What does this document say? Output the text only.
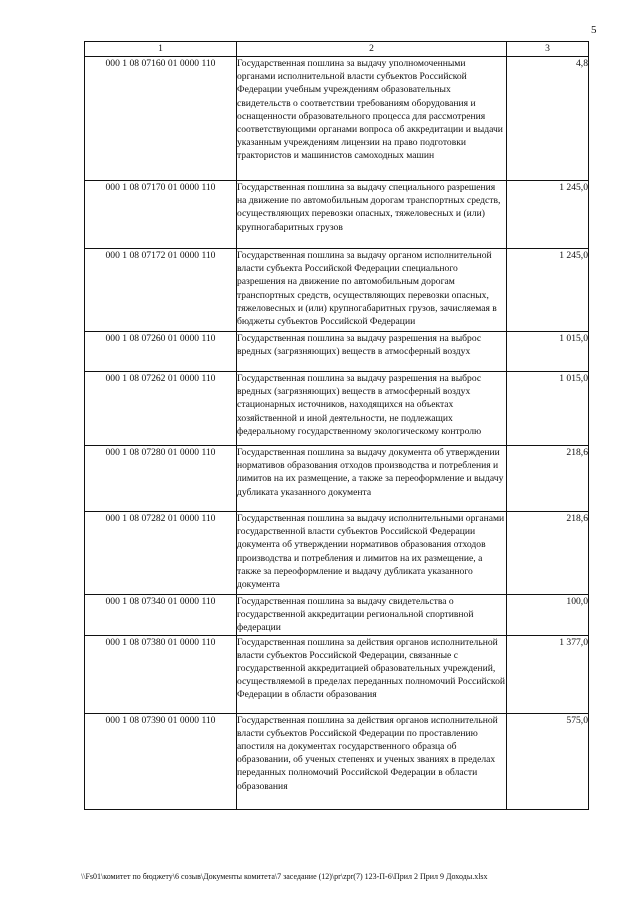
5
1	2	3
000 1 08 07160 01 0000 110	Государственная пошлина за выдачу уполномоченными органами исполнительной власти субъектов Российской Федерации учебным учреждениям образовательных свидетельств о соответствии требованиям оборудования и оснащенности образовательного процесса для рассмотрения соответствующими органами вопроса об аккредитации и выдачи указанным учреждениям лицензии на право подготовки трактористов и машинистов самоходных машин	4,8
000 1 08 07170 01 0000 110	Государственная пошлина за выдачу специального разрешения на движение по автомобильным дорогам транспортных средств, осуществляющих перевозки опасных, тяжеловесных и (или) крупногабаритных грузов	1 245,0
000 1 08 07172 01 0000 110	Государственная пошлина за выдачу органом исполнительной власти субъекта Российской Федерации специального разрешения на движение по автомобильным дорогам транспортных средств, осуществляющих перевозки опасных, тяжеловесных и (или) крупногабаритных грузов, зачисляемая в бюджеты субъектов Российской Федерации	1 245,0
000 1 08 07260 01 0000 110	Государственная пошлина за выдачу разрешения на выброс вредных (загрязняющих) веществ в атмосферный воздух	1 015,0
000 1 08 07262 01 0000 110	Государственная пошлина за выдачу разрешения на выброс вредных (загрязняющих) веществ в атмосферный воздух стационарных источников, находящихся на объектах хозяйственной и иной деятельности, не подлежащих федеральному государственному экологическому контролю	1 015,0
000 1 08 07280 01 0000 110	Государственная пошлина за выдачу документа об утверждении нормативов образования отходов производства и потребления и лимитов на их размещение, а также за переоформление и выдачу дубликата указанного документа	218,6
000 1 08 07282 01 0000 110	Государственная пошлина за выдачу исполнительными органами государственной власти субъектов Российской Федерации документа об утверждении нормативов образования отходов производства и потребления и лимитов на их размещение, а также за переоформление и выдачу дубликата указанного документа	218,6
000 1 08 07340 01 0000 110	Государственная пошлина за выдачу свидетельства о государственной аккредитации региональной спортивной федерации	100,0
000 1 08 07380 01 0000 110	Государственная пошлина за действия органов исполнительной власти субъектов Российской Федерации, связанные с государственной аккредитацией образовательных учреждений, осуществляемой в пределах переданных полномочий Российской Федерации в области образования	1 377,0
000 1 08 07390 01 0000 110	Государственная пошлина за действия органов исполнительной власти субъектов Российской Федерации по проставлению апостиля на документах государственного образца об образовании, об ученых степенях и ученых званиях в пределах переданных полномочий Российской Федерации в области образования	575,0
\\Fs01\комитет по бюджету\6 созыв\Документы комитета\7 заседание (12)\pr\zpr(7) 123-П-6\Прил 2 Прил 9 Доходы.xlsx
